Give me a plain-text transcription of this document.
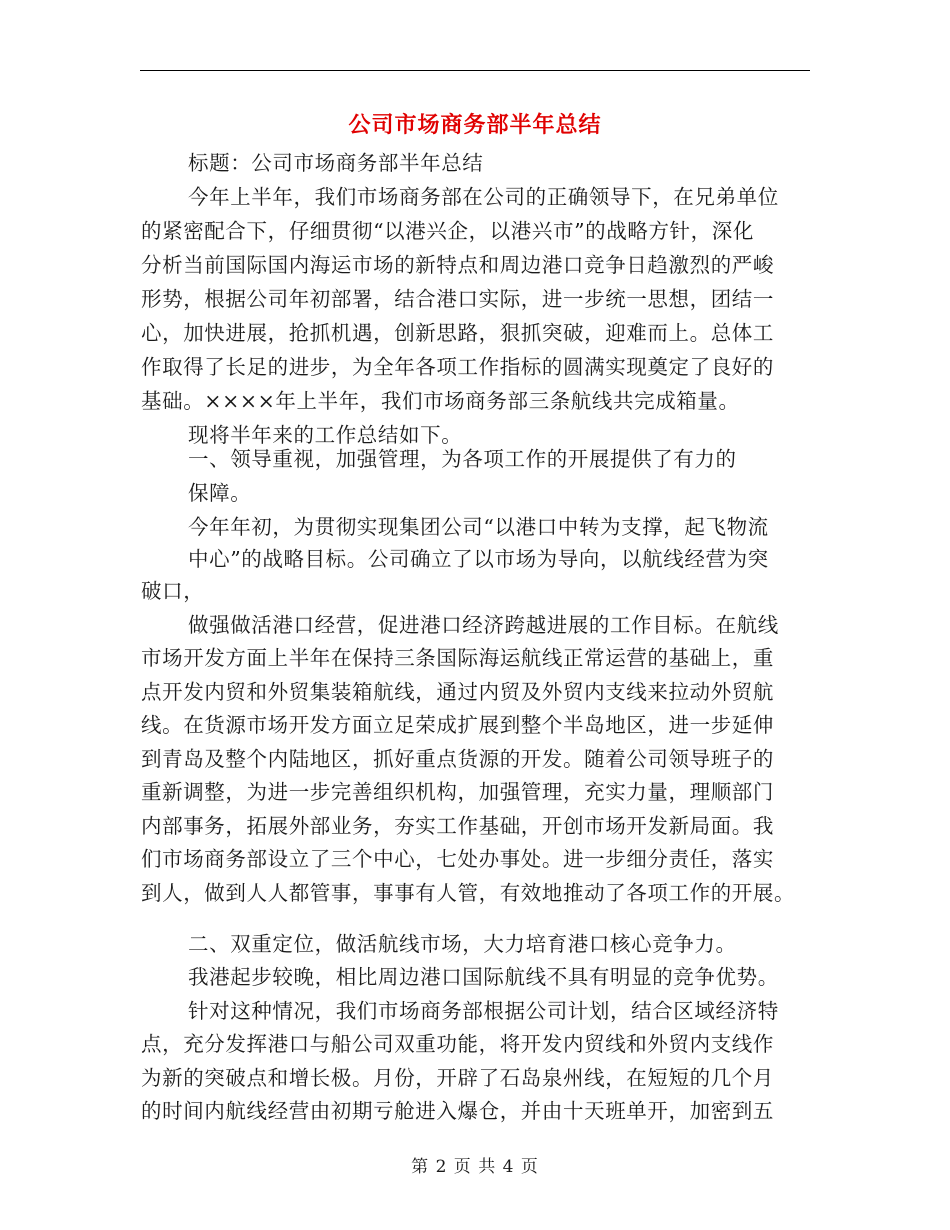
公司市场商务部半年总结
标题：公司市场商务部半年总结
今年上半年，我们市场商务部在公司的正确领导下，在兄弟单位
的紧密配合下，仔细贯彻“以港兴企，以港兴市”的战略方针，深化
分析当前国际国内海运市场的新特点和周边港口竞争日趋激烈的严峻
形势，根据公司年初部署，结合港口实际，进一步统一思想，团结一
心，加快进展，抢抓机遇，创新思路，狠抓突破，迎难而上。总体工
作取得了长足的进步，为全年各项工作指标的圆满实现奠定了良好的
基础。××××年上半年，我们市场商务部三条航线共完成箱量。
现将半年来的工作总结如下。
一、领导重视，加强管理，为各项工作的开展提供了有力的
保障。
今年年初，为贯彻实现集团公司“以港口中转为支撑，起飞物流
中心”的战略目标。公司确立了以市场为导向，以航线经营为突
破口，
做强做活港口经营，促进港口经济跨越进展的工作目标。在航线
市场开发方面上半年在保持三条国际海运航线正常运营的基础上，重
点开发内贸和外贸集装箱航线，通过内贸及外贸内支线来拉动外贸航
线。在货源市场开发方面立足荣成扩展到整个半岛地区，进一步延伸
到青岛及整个内陆地区，抓好重点货源的开发。随着公司领导班子的
重新调整，为进一步完善组织机构，加强管理，充实力量，理顺部门
内部事务，拓展外部业务，夯实工作基础，开创市场开发新局面。我
们市场商务部设立了三个中心，七处办事处。进一步细分责任，落实
到人，做到人人都管事，事事有人管，有效地推动了各项工作的开展。
二、双重定位，做活航线市场，大力培育港口核心竞争力。
我港起步较晚，相比周边港口国际航线不具有明显的竞争优势。
针对这种情况，我们市场商务部根据公司计划，结合区域经济特
点，充分发挥港口与船公司双重功能，将开发内贸线和外贸内支线作
为新的突破点和增长极。月份，开辟了石岛泉州线，在短短的几个月
的时间内航线经营由初期亏舱进入爆仓，并由十天班单开，加密到五
第 2 页 共 4 页
